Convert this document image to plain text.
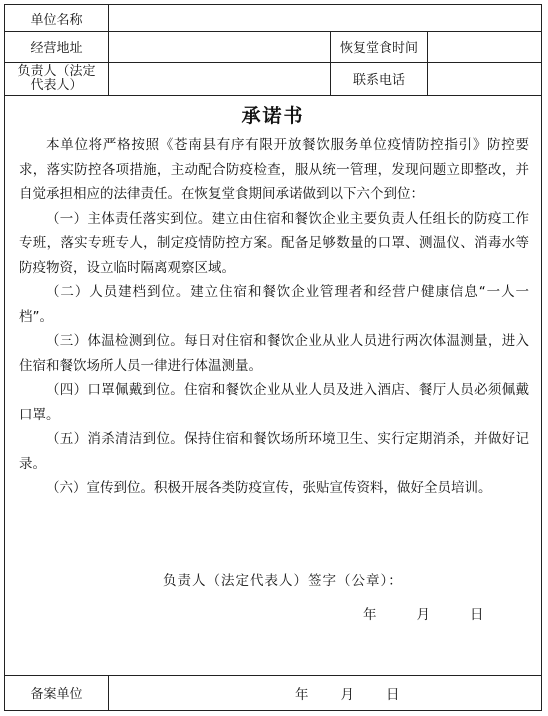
单位名称
经营地址	恢复堂食时间
负责人（法定
代表人）	联系电话
承诺书

本单位将严格按照《苍南县有序有限开放餐饮服务单位疫情防控指引》防控要求，落实防控各项措施，主动配合防疫检查，服从统一管理，发现问题立即整改，并自觉承担相应的法律责任。在恢复堂食期间承诺做到以下六个到位：

（一）主体责任落实到位。建立由住宿和餐饮企业主要负责人任组长的防疫工作专班，落实专班专人，制定疫情防控方案。配备足够数量的口罩、测温仪、消毒水等防疫物资，设立临时隔离观察区域。

（二）人员建档到位。建立住宿和餐饮企业管理者和经营户健康信息“一人一档”。

（三）体温检测到位。每日对住宿和餐饮企业从业人员进行两次体温测量，进入住宿和餐饮场所人员一律进行体温测量。

（四）口罩佩戴到位。住宿和餐饮企业从业人员及进入酒店、餐厅人员必须佩戴口罩。

（五）消杀清洁到位。保持住宿和餐饮场所环境卫生、实行定期消杀，并做好记录。

（六）宣传到位。积极开展各类防疫宣传，张贴宣传资料，做好全员培训。

负责人（法定代表人）签字（公章）：
年	月	日
备案单位	年 月 日
